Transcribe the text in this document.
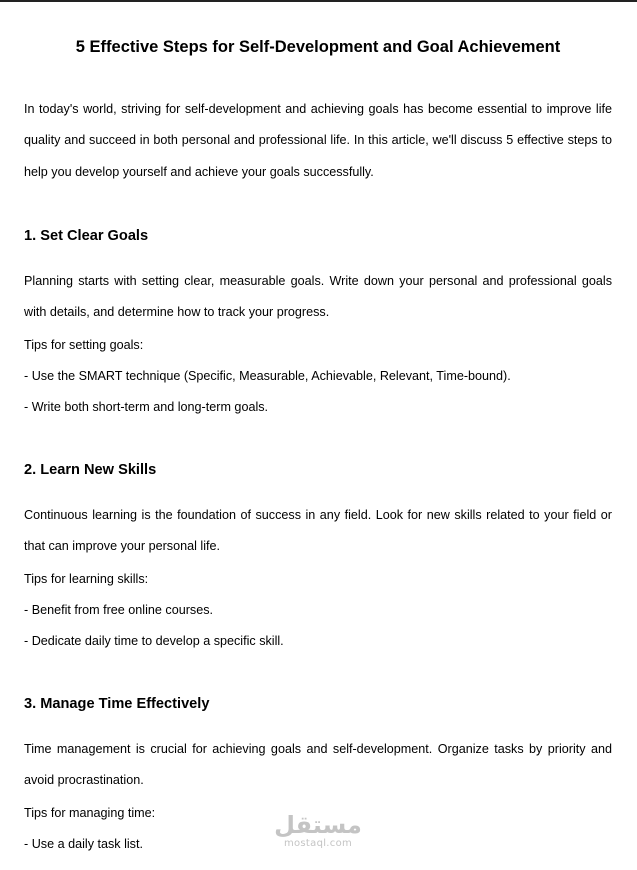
5 Effective Steps for Self-Development and Goal Achievement

In today's world, striving for self-development and achieving goals has become essential to improve life quality and succeed in both personal and professional life. In this article, we'll discuss 5 effective steps to help you develop yourself and achieve your goals successfully.

1. Set Clear Goals

Planning starts with setting clear, measurable goals. Write down your personal and professional goals with details, and determine how to track your progress.

Tips for setting goals:

- Use the SMART technique (Specific, Measurable, Achievable, Relevant, Time-bound).

- Write both short-term and long-term goals.

2. Learn New Skills

Continuous learning is the foundation of success in any field. Look for new skills related to your field or that can improve your personal life.

Tips for learning skills:

- Benefit from free online courses.

- Dedicate daily time to develop a specific skill.

3. Manage Time Effectively

Time management is crucial for achieving goals and self-development. Organize tasks by priority and avoid procrastination.

Tips for managing time:

- Use a daily task list.

مستقل
mostaql.com
